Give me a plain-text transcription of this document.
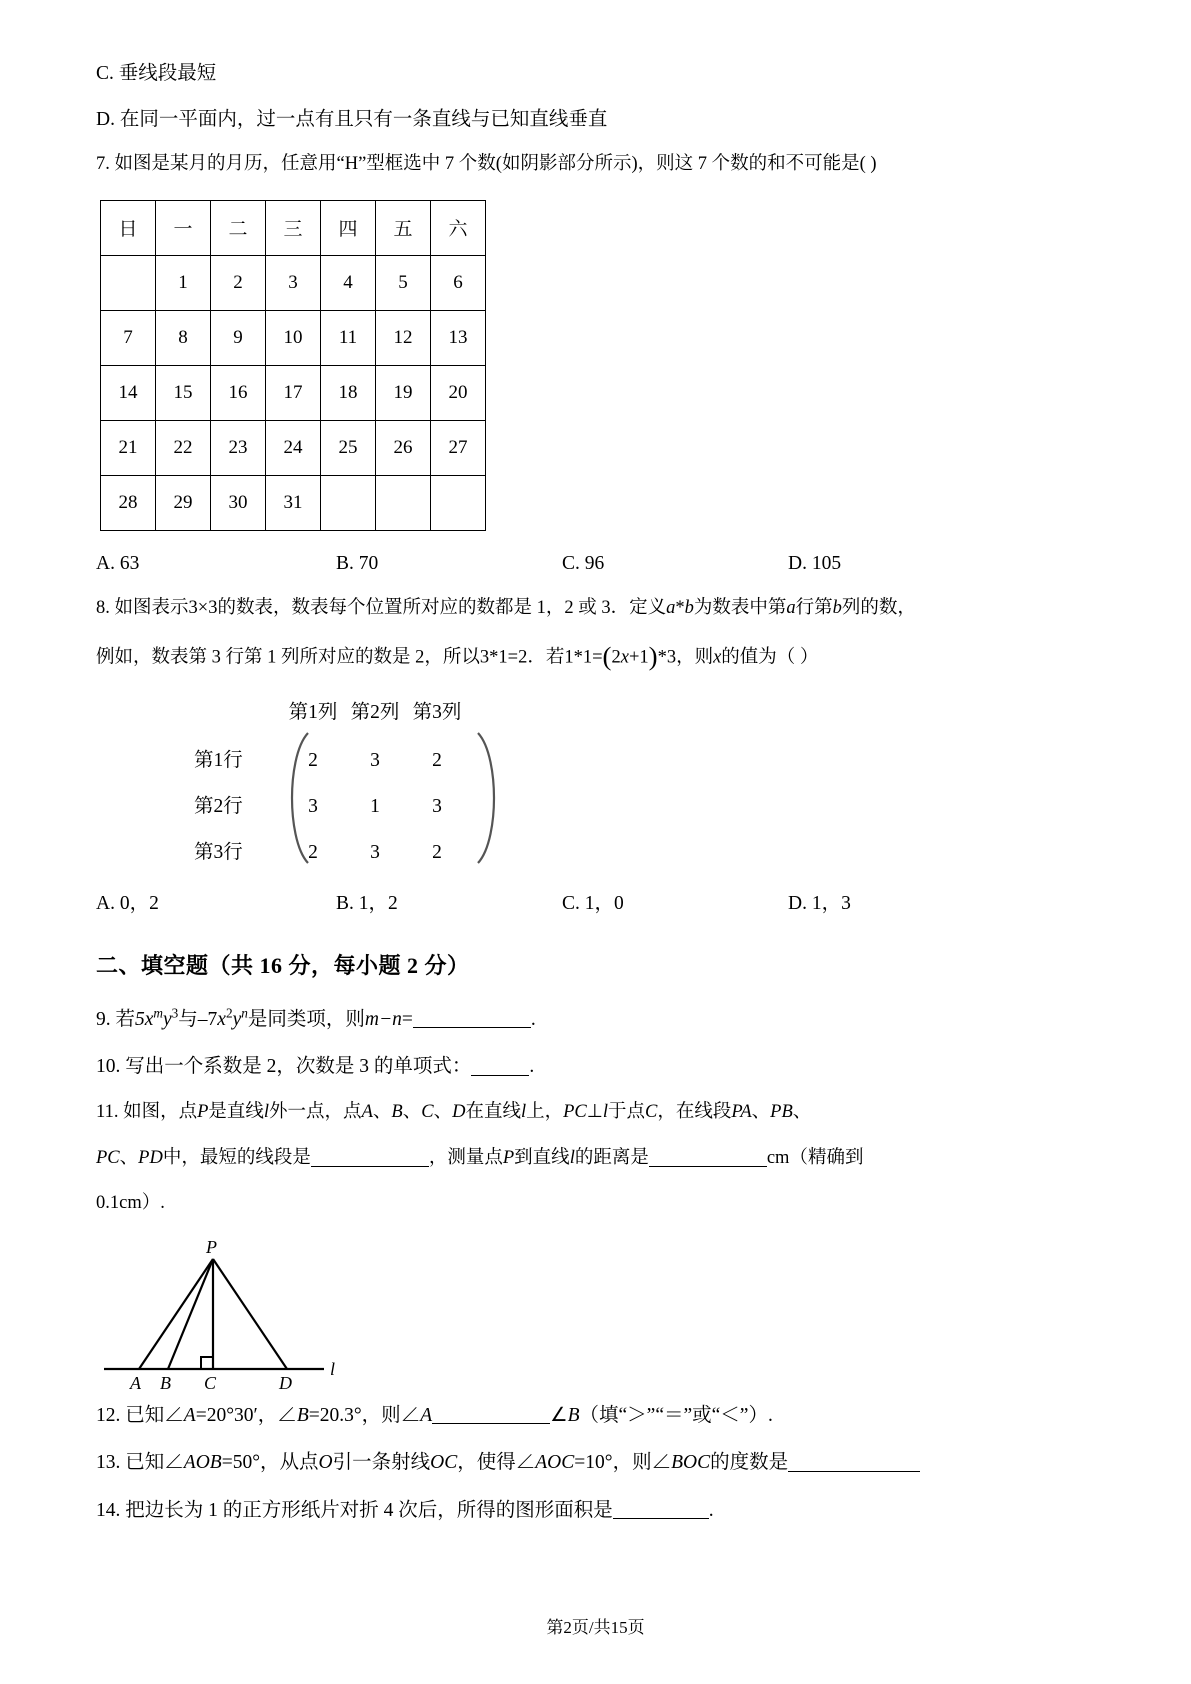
C. 垂线段最短
D. 在同一平面内，过一点有且只有一条直线与已知直线垂直
7. 如图是某月的月历，任意用“H”型框选中 7 个数(如阴影部分所示)，则这 7 个数的和不可能是( )
日	一	二	三	四	五	六
	1	2	3	4	5	6
7	8	9	10	11	12	13
14	15	16	17	18	19	20
21	22	23	24	25	26	27
28	29	30	31			
A. 63	B. 70	C. 96	D. 105
8. 如图表示3×3的数表，数表每个位置所对应的数都是 1，2 或 3．定义a*b为数表中第a行第b列的数，
例如，数表第 3 行第 1 列所对应的数是 2，所以3*1=2．若1*1=(2x+1)*3，则x的值为（ ）
第1列 第2列 第3列
第1行	2	3	2
第2行	3	1	3
第3行	2	3	2
A. 0，2	B. 1，2	C. 1，0	D. 1，3
二、填空题（共 16 分，每小题 2 分）
9. 若$5x^my^3$与$-7x^2y^n$是同类项，则m−n=	.
10. 写出一个系数是 2，次数是 3 的单项式：	.
11. 如图，点P是直线l外一点，点A、B、C、D在直线l上，PC⊥l于点C，在线段PA、PB、
PC、PD中，最短的线段是	，测量点P到直线l的距离是	cm（精确到
0.1cm）.
P
A B C	D
l
12. 已知∠A=20°30′，∠B=20.3°，则∠A	∠B（填“＞”“＝”或“＜”）.
13. 已知∠AOB=50°，从点O引一条射线OC，使得∠AOC=10°，则∠BOC的度数是
14. 把边长为 1 的正方形纸片对折 4 次后，所得的图形面积是	.
第2页/共15页
